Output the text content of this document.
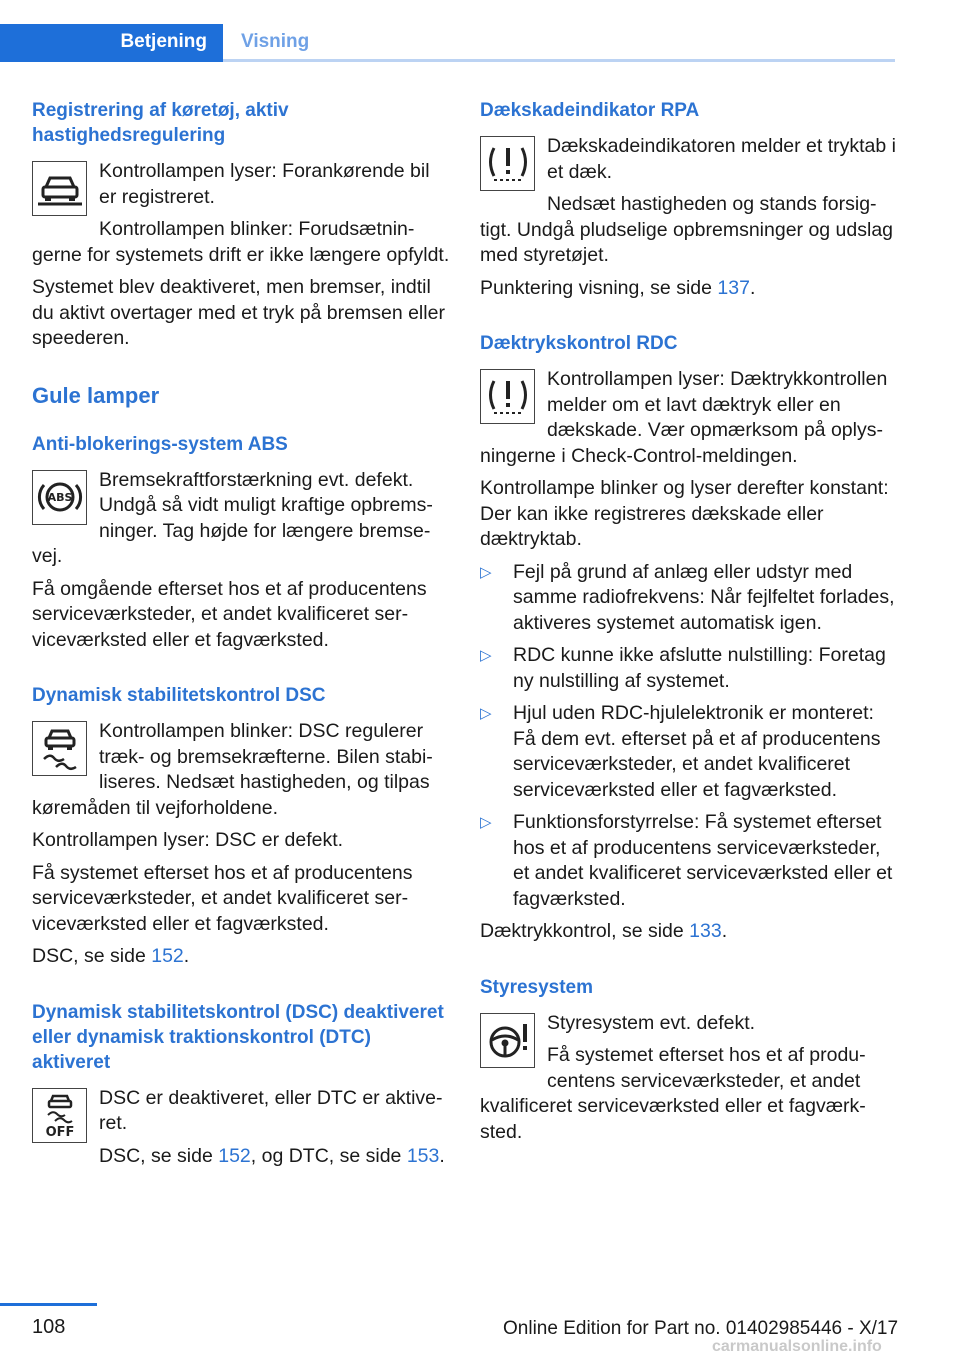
Betjening Visning
Registrering af køretøj, aktiv hastighedsregulering
Kontrollampen lyser: Forankørende bil er registreret.
Kontrollampen blinker: Forudsætningerne for systemets drift er ikke længere opfyldt.

Systemet blev deaktiveret, men bremser, indtil du aktivt overtager med et tryk på bremsen eller speederen.

Gule lamper
Anti-blokerings-system ABS
ABS
Bremsekraftforstærkning evt. defekt. Undgå så vidt muligt kraftige opbremsninger. Tag højde for længere bremsevej.

Få omgående efterset hos et af producentens serviceværksteder, et andet kvalificeret serviceværksted eller et fagværksted.

Dynamisk stabilitetskontrol DSC
Kontrollampen blinker: DSC regulerer træk- og bremsekræfterne. Bilen stabiliseres. Nedsæt hastigheden, og tilpas køremåden til vejforholdene.

Kontrollampen lyser: DSC er defekt.

Få systemet efterset hos et af producentens serviceværksteder, et andet kvalificeret serviceværksted eller et fagværksted.

DSC, se side 152.

Dynamisk stabilitetskontrol (DSC) deaktiveret eller dynamisk traktionskontrol (DTC) aktiveret
OFF
DSC er deaktiveret, eller DTC er aktiveret.
DSC, se side 152, og DTC, se side 153.
Dækskadeindikator RPA
Dækskadeindikatoren melder et tryktab i et dæk.
Nedsæt hastigheden og stands forsigtigt. Undgå pludselige opbremsninger og udslag med styretøjet.

Punktering visning, se side 137.

Dæktrykskontrol RDC
Kontrollampen lyser: Dæktrykkontrollen melder om et lavt dæktryk eller en dækskade. Vær opmærksom på oplysningerne i Check-Control-meldingen.

Kontrollampe blinker og lyser derefter konstant: Der kan ikke registreres dækskade eller dæktryktab.

▷ Fejl på grund af anlæg eller udstyr med samme radiofrekvens: Når fejlfeltet forlades, aktiveres systemet automatisk igen.
▷ RDC kunne ikke afslutte nulstilling: Foretag ny nulstilling af systemet.
▷ Hjul uden RDC-hjulelektronik er monteret: Få dem evt. efterset på et af producentens serviceværksteder, et andet kvalificeret serviceværksted eller et fagværksted.
▷ Funktionsforstyrrelse: Få systemet efterset hos et af producentens serviceværksteder, et andet kvalificeret serviceværksted eller et fagværksted.

Dæktrykkontrol, se side 133.

Styresystem
Styresystem evt. defekt.
Få systemet efterset hos et af producentens serviceværksteder, et andet kvalificeret serviceværksted eller et fagværksted.
108	Online Edition for Part no. 01402985446 - X/17
carmanualsonline.info
